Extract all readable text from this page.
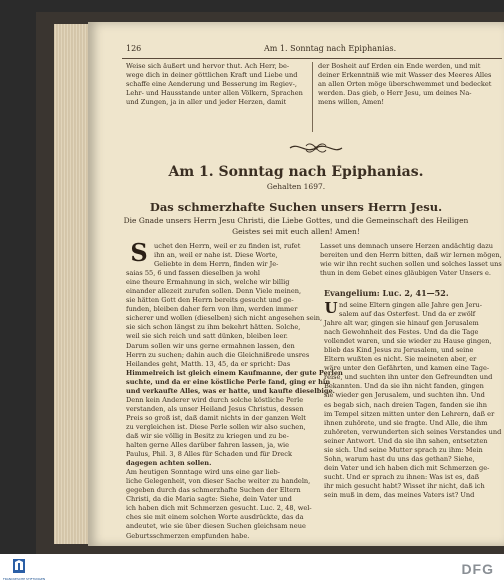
126	Am 1. Sonntag nach Epiphanias.
Weise sich äußert und hervor thut. Ach Herr, be-
wege dich in deiner göttlichen Kraft und Liebe und
schaffe eine Aenderung und Besserung im Regiev-,
Lehr- und Hausstande unter allen Völkern, Sprachen
und Zungen, ja in aller und jeder Herzen, damit
der Bosheit auf Erden ein Ende werden, und mit
deiner Erkenntniß wie mit Wasser des Meeres Alles
an allen Orten möge überschwemmet und bedecket
werden. Das gieb, o Herr Jesu, um deines Na-
mens willen, Amen!
Am 1. Sonntag nach Epiphanias.
Gehalten 1697.
Das schmerzhafte Suchen unsers Herrn Jesu.
Die Gnade unsers Herrn Jesu Christi, die Liebe Gottes, und die Gemeinschaft des Heiligen
Geistes sei mit euch allen! Amen!
S uchet den Herrn, weil er zu finden ist, rufet
ihn an, weil er nahe ist. Diese Worte,
Geliebte in dem Herrn, finden wir Je-
saias 55, 6 und fassen dieselben ja wohl
eine theure Ermahnung in sich, welche wir billig
einander allezeit zurufen sollen. Denn Viele meinen,
sie hätten Gott den Herrn bereits gesucht und ge-
funden, bleiben daher fern von ihm, werden immer
sicherer und wollen (dieselben) sich nicht angesehen sein,
sie sich schon längst zu ihm bekehrt hätten. Solche,
weil sie sich reich und satt dünken, bleiben leer.
Darum sollen wir uns gerne ermahnen lassen, den
Herrn zu suchen; dahin auch die Gleichnißrede unsres
Heilandes geht, Matth. 13, 45, da er spricht: Das
Himmelreich ist gleich einem Kaufmanne, der gute Perlen
suchte, und da er eine köstliche Perle fand, ging er hin
und verkaufte Alles, was er hatte, und kaufte dieselbige.
Denn kein Anderer wird durch solche köstliche Perle
verstanden, als unser Heiland Jesus Christus, dessen
Preis so groß ist, daß damit nichts in der ganzen Welt
zu vergleichen ist. Diese Perle sollen wir also suchen,
daß wir sie völlig in Besitz zu kriegen und zu be-
halten gerne Alles darüber fahren lassen, ja, wie
Paulus, Phil. 3, 8 Alles für Schaden und für Dreck
dagegen achten sollen.
Am heutigen Sonntage wird uns eine gar lieb-
liche Gelegenheit, von dieser Sache weiter zu handeln,
gegeben durch das schmerzhafte Suchen der Eltern
Christi, da die Maria sagte: Siehe, dein Vater und
ich haben dich mit Schmerzen gesucht. Luc. 2, 48, wel-
ches sie mit einem solchen Worte ausdrückte, das da
andeutet, wie sie über diesen Suchen gleichsam neue
Geburtsschmerzen empfunden habe.
Lasset uns demnach unsere Herzen andächtig dazu
bereiten und den Herrn bitten, daß wir lernen mögen,
wie wir ihn recht suchen sollen und solches lasset uns
thun in dem Gebet eines gläubigen Vater Unsers e.
Evangelium: Luc. 2, 41—52.
U nd seine Eltern gingen alle Jahre gen Jeru-
salem auf das Osterfest. Und da er zwölf
Jahre alt war, gingen sie hinauf gen Jerusalem
nach Gewohnheit des Festes. Und da die Tage
vollendet waren, und sie wieder zu Hause gingen,
blieb das Kind Jesus zu Jerusalem, und seine
Eltern wußten es nicht. Sie meineten aber, er
wäre unter den Gefährten, und kamen eine Tage-
reise, und suchten ihn unter den Gefreundten und
Bekannten. Und da sie ihn nicht fanden, gingen
sie wieder gen Jerusalem, und suchten ihn. Und
es begab sich, nach dreien Tagen, fanden sie ihn
im Tempel sitzen mitten unter den Lehrern, daß er
ihnen zuhörete, und sie fragte. Und Alle, die ihm
zuhöreten, verwunderten sich seines Verstandes und
seiner Antwort. Und da sie ihn sahen, entsetzten
sie sich. Und seine Mutter sprach zu ihm: Mein
Sohn, warum hast du uns das gethan? Siehe,
dein Vater und ich haben dich mit Schmerzen ge-
sucht. Und er sprach zu ihnen: Was ist es, daß
ihr mich gesucht habt? Wisset ihr nicht, daß ich
sein muß in dem, das meines Vaters ist? Und
FRANCKESCHE STIFTUNGEN
DFG
